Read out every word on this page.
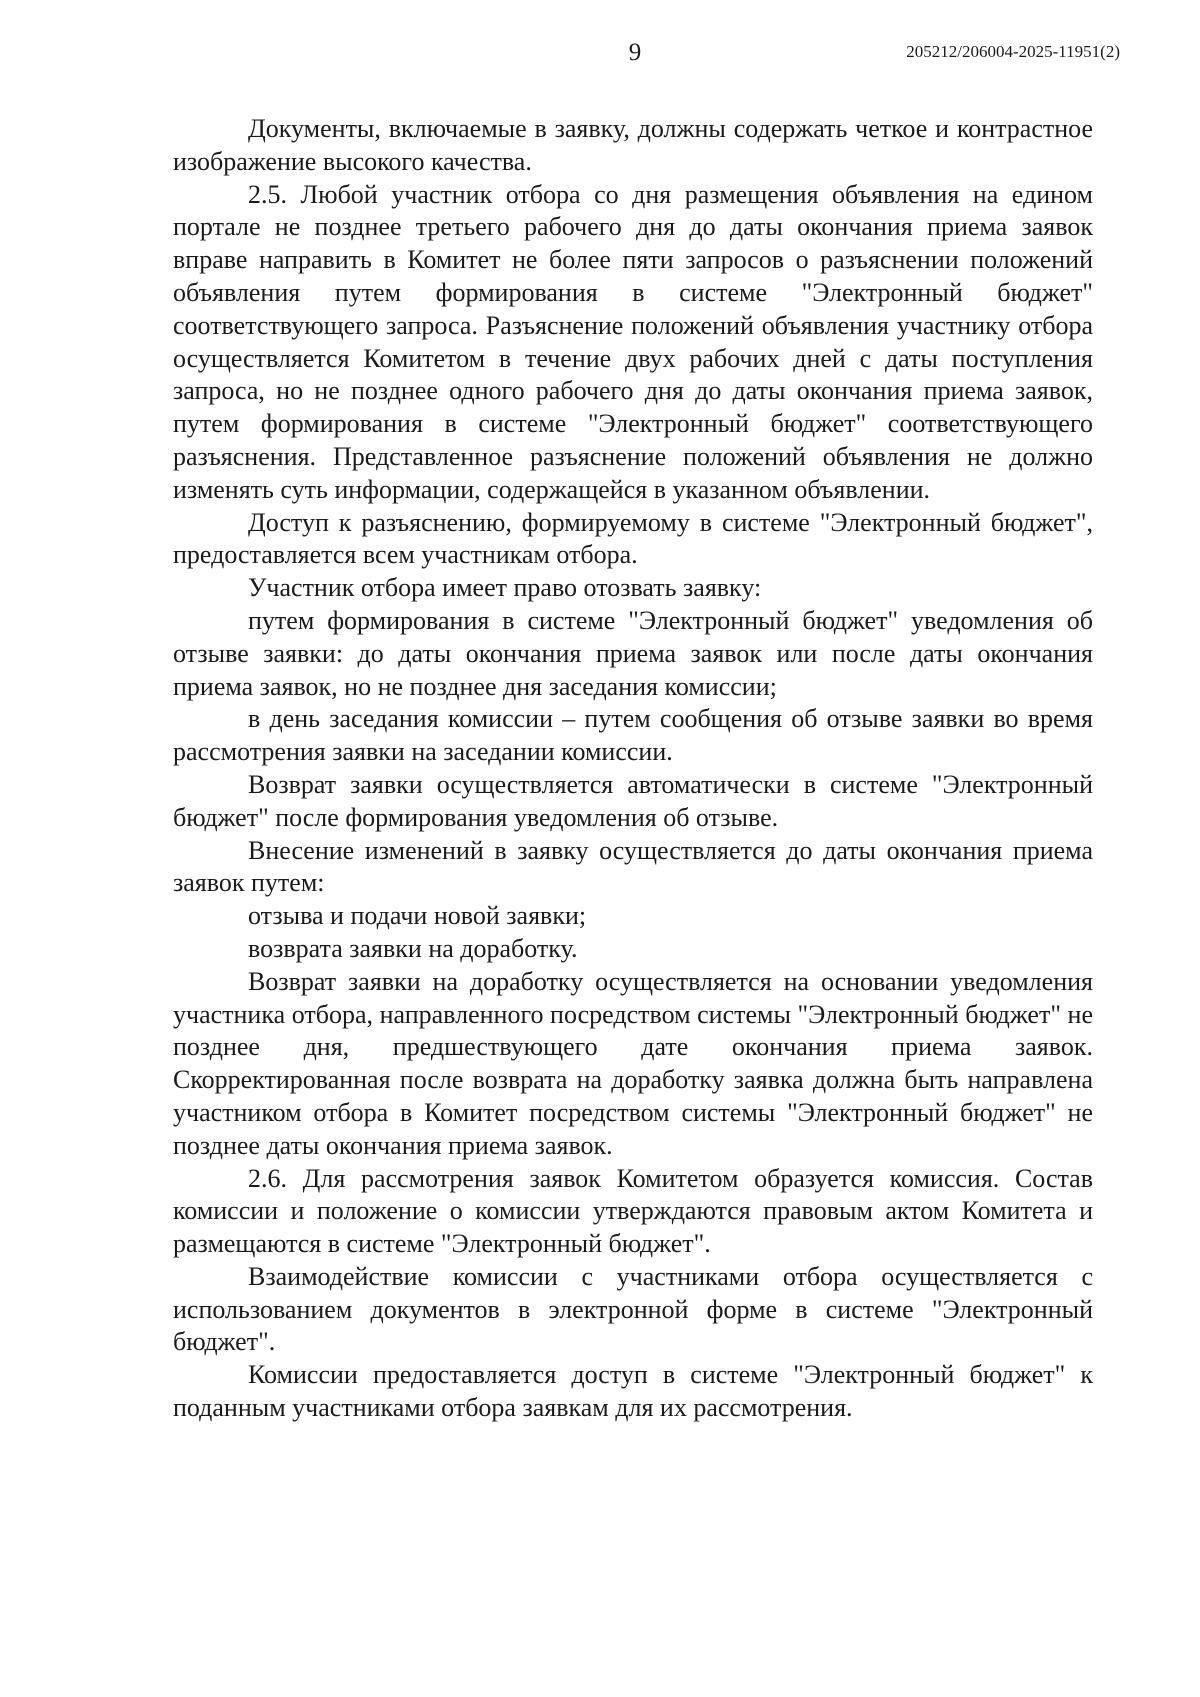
9	205212/206004-2025-11951(2)

Документы, включаемые в заявку, должны содержать четкое и контрастное изображение высокого качества.

2.5. Любой участник отбора со дня размещения объявления на едином портале не позднее третьего рабочего дня до даты окончания приема заявок вправе направить в Комитет не более пяти запросов о разъяснении положений объявления путем формирования в системе "Электронный бюджет" соответствующего запроса. Разъяснение положений объявления участнику отбора осуществляется Комитетом в течение двух рабочих дней с даты поступления запроса, но не позднее одного рабочего дня до даты окончания приема заявок, путем формирования в системе "Электронный бюджет" соответствующего разъяснения. Представленное разъяснение положений объявления не должно изменять суть информации, содержащейся в указанном объявлении.

Доступ к разъяснению, формируемому в системе "Электронный бюджет", предоставляется всем участникам отбора.

Участник отбора имеет право отозвать заявку:

путем формирования в системе "Электронный бюджет" уведомления об отзыве заявки: до даты окончания приема заявок или после даты окончания приема заявок, но не позднее дня заседания комиссии;

в день заседания комиссии – путем сообщения об отзыве заявки во время рассмотрения заявки на заседании комиссии.

Возврат заявки осуществляется автоматически в системе "Электронный бюджет" после формирования уведомления об отзыве.

Внесение изменений в заявку осуществляется до даты окончания приема заявок путем:

отзыва и подачи новой заявки;

возврата заявки на доработку.

Возврат заявки на доработку осуществляется на основании уведомления участника отбора, направленного посредством системы "Электронный бюджет" не позднее дня, предшествующего дате окончания приема заявок. Скорректированная после возврата на доработку заявка должна быть направлена участником отбора в Комитет посредством системы "Электронный бюджет" не позднее даты окончания приема заявок.

2.6. Для рассмотрения заявок Комитетом образуется комиссия. Состав комиссии и положение о комиссии утверждаются правовым актом Комитета и размещаются в системе "Электронный бюджет".

Взаимодействие комиссии с участниками отбора осуществляется с использованием документов в электронной форме в системе "Электронный бюджет".

Комиссии предоставляется доступ в системе "Электронный бюджет" к поданным участниками отбора заявкам для их рассмотрения.
